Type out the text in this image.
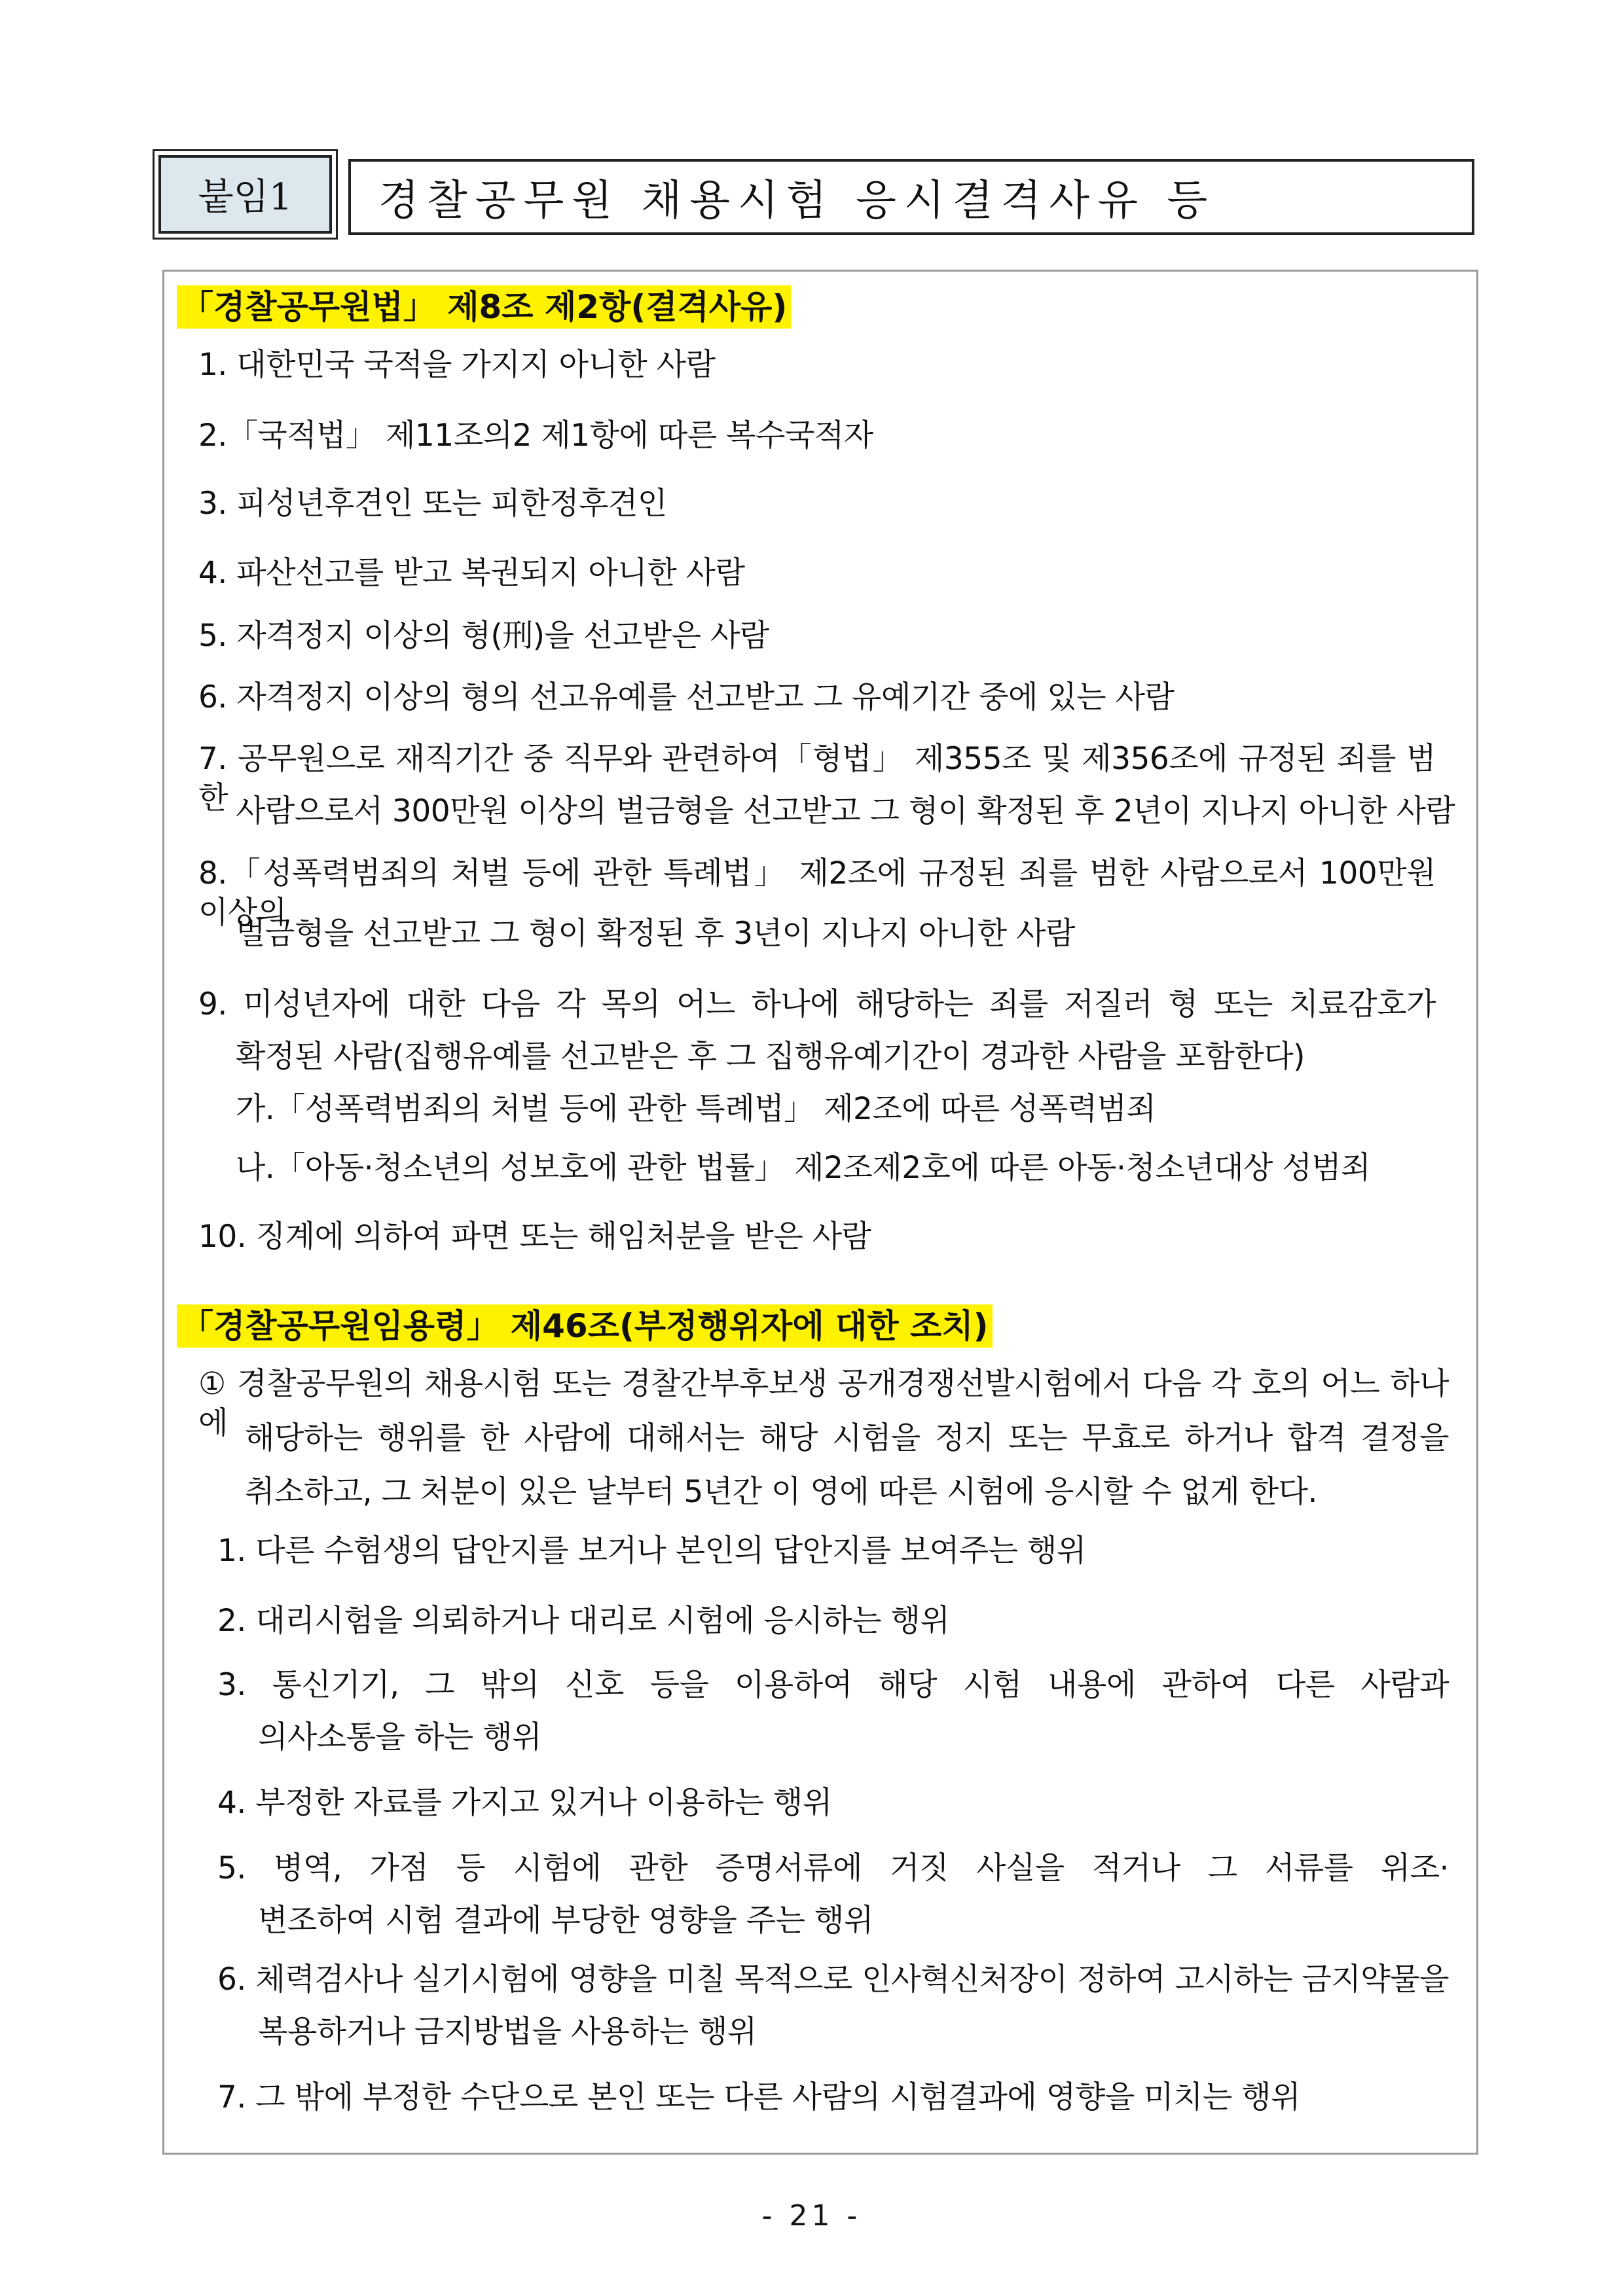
붙임1	경찰공무원 채용시험 응시결격사유 등
「경찰공무원법」 제8조 제2항(결격사유)
1. 대한민국 국적을 가지지 아니한 사람
2.「국적법」 제11조의2 제1항에 따른 복수국적자
3. 피성년후견인 또는 피한정후견인
4. 파산선고를 받고 복권되지 아니한 사람
5. 자격정지 이상의 형(刑)을 선고받은 사람
6. 자격정지 이상의 형의 선고유예를 선고받고 그 유예기간 중에 있는 사람
7. 공무원으로 재직기간 중 직무와 관련하여「형법」 제355조 및 제356조에 규정된 죄를 범한 사람으로서 300만원 이상의 벌금형을 선고받고 그 형이 확정된 후 2년이 지나지 아니한 사람
8.「성폭력범죄의 처벌 등에 관한 특례법」 제2조에 규정된 죄를 범한 사람으로서 100만원 이상의
벌금형을 선고받고 그 형이 확정된 후 3년이 지나지 아니한 사람
9. 미성년자에 대한 다음 각 목의 어느 하나에 해당하는 죄를 저질러 형 또는 치료감호가
확정된 사람(집행유예를 선고받은 후 그 집행유예기간이 경과한 사람을 포함한다)
가.「성폭력범죄의 처벌 등에 관한 특례법」 제2조에 따른 성폭력범죄
나.「아동·청소년의 성보호에 관한 법률」 제2조제2호에 따른 아동·청소년대상 성범죄
10. 징계에 의하여 파면 또는 해임처분을 받은 사람
「경찰공무원임용령」 제46조(부정행위자에 대한 조치)
① 경찰공무원의 채용시험 또는 경찰간부후보생 공개경쟁선발시험에서 다음 각 호의 어느 하나에 해당하는 행위를 한 사람에 대해서는 해당 시험을 정지 또는 무효로 하거나 합격 결정을
취소하고, 그 처분이 있은 날부터 5년간 이 영에 따른 시험에 응시할 수 없게 한다.
1. 다른 수험생의 답안지를 보거나 본인의 답안지를 보여주는 행위
2. 대리시험을 의뢰하거나 대리로 시험에 응시하는 행위
3. 통신기기, 그 밖의 신호 등을 이용하여 해당 시험 내용에 관하여 다른 사람과
의사소통을 하는 행위
4. 부정한 자료를 가지고 있거나 이용하는 행위
5. 병역, 가점 등 시험에 관한 증명서류에 거짓 사실을 적거나 그 서류를 위조·
변조하여 시험 결과에 부당한 영향을 주는 행위
6. 체력검사나 실기시험에 영향을 미칠 목적으로 인사혁신처장이 정하여 고시하는 금지약물을
복용하거나 금지방법을 사용하는 행위
7. 그 밖에 부정한 수단으로 본인 또는 다른 사람의 시험결과에 영향을 미치는 행위
- 21 -
